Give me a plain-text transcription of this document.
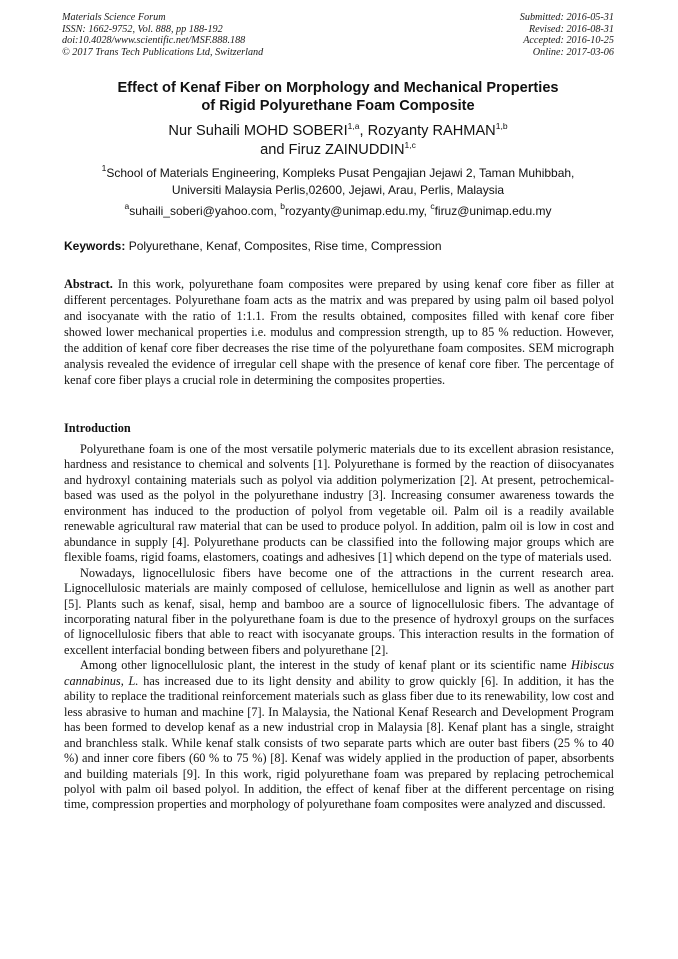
Materials Science Forum
ISSN: 1662-9752, Vol. 888, pp 188-192
doi:10.4028/www.scientific.net/MSF.888.188
© 2017 Trans Tech Publications Ltd, Switzerland
Submitted: 2016-05-31
Revised: 2016-08-31
Accepted: 2016-10-25
Online: 2017-03-06
Effect of Kenaf Fiber on Morphology and Mechanical Properties
of Rigid Polyurethane Foam Composite
Nur Suhaili MOHD SOBERI$^{1,a}$, Rozyanty RAHMAN$^{1,b}$
and Firuz ZAINUDDIN$^{1,c}$
$^1$School of Materials Engineering, Kompleks Pusat Pengajian Jejawi 2, Taman Muhibbah,
Universiti Malaysia Perlis,02600, Jejawi, Arau, Perlis, Malaysia
$^a$suhaili_soberi@yahoo.com, $^b$rozyanty@unimap.edu.my, $^c$firuz@unimap.edu.my
Keywords: Polyurethane, Kenaf, Composites, Rise time, Compression
Abstract. In this work, polyurethane foam composites were prepared by using kenaf core fiber as filler at different percentages. Polyurethane foam acts as the matrix and was prepared by using palm oil based polyol and isocyanate with the ratio of 1:1.1. From the results obtained, composites filled with kenaf core fiber showed lower mechanical properties i.e. modulus and compression strength, up to 85 % reduction. However, the addition of kenaf core fiber decreases the rise time of the polyurethane foam composites. SEM micrograph analysis revealed the evidence of irregular cell shape with the presence of kenaf core fiber. The percentage of kenaf core fiber plays a crucial role in determining the composites properties.
Introduction

Polyurethane foam is one of the most versatile polymeric materials due to its excellent abrasion resistance, hardness and resistance to chemical and solvents [1]. Polyurethane is formed by the reaction of diisocyanates and hydroxyl containing materials such as polyol via addition polymerization [2]. At present, petrochemical-based was used as the polyol in the polyurethane industry [3]. Increasing consumer awareness towards the environment has induced to the production of polyol from vegetable oil. Palm oil is a readily available renewable agricultural raw material that can be used to produce polyol. In addition, palm oil is low in cost and abundance in supply [4]. Polyurethane products can be classified into the following major groups which are flexible foams, rigid foams, elastomers, coatings and adhesives [1] which depend on the type of materials used.

Nowadays, lignocellulosic fibers have become one of the attractions in the current research area. Lignocellulosic materials are mainly composed of cellulose, hemicellulose and lignin as well as another part [5]. Plants such as kenaf, sisal, hemp and bamboo are a source of lignocellulosic fibers. The advantage of incorporating natural fiber in the polyurethane foam is due to the presence of hydroxyl groups on the surfaces of lignocellulosic fibers that able to react with isocyanate groups. This interaction results in the formation of excellent interfacial bonding between fibers and polyurethane [2].

Among other lignocellulosic plant, the interest in the study of kenaf plant or its scientific name Hibiscus cannabinus, L. has increased due to its light density and ability to grow quickly [6]. In addition, it has the ability to replace the traditional reinforcement materials such as glass fiber due to its renewability, low cost and less abrasive to human and machine [7]. In Malaysia, the National Kenaf Research and Development Program has been formed to develop kenaf as a new industrial crop in Malaysia [8]. Kenaf plant has a single, straight and branchless stalk. While kenaf stalk consists of two separate parts which are outer bast fibers (25 % to 40 %) and inner core fibers (60 % to 75 %) [8]. Kenaf was widely applied in the production of paper, absorbents and building materials [9]. In this work, rigid polyurethane foam was prepared by replacing petrochemical polyol with palm oil based polyol. In addition, the effect of kenaf fiber at the different percentage on rising time, compression properties and morphology of polyurethane foam composites were analyzed and discussed.
